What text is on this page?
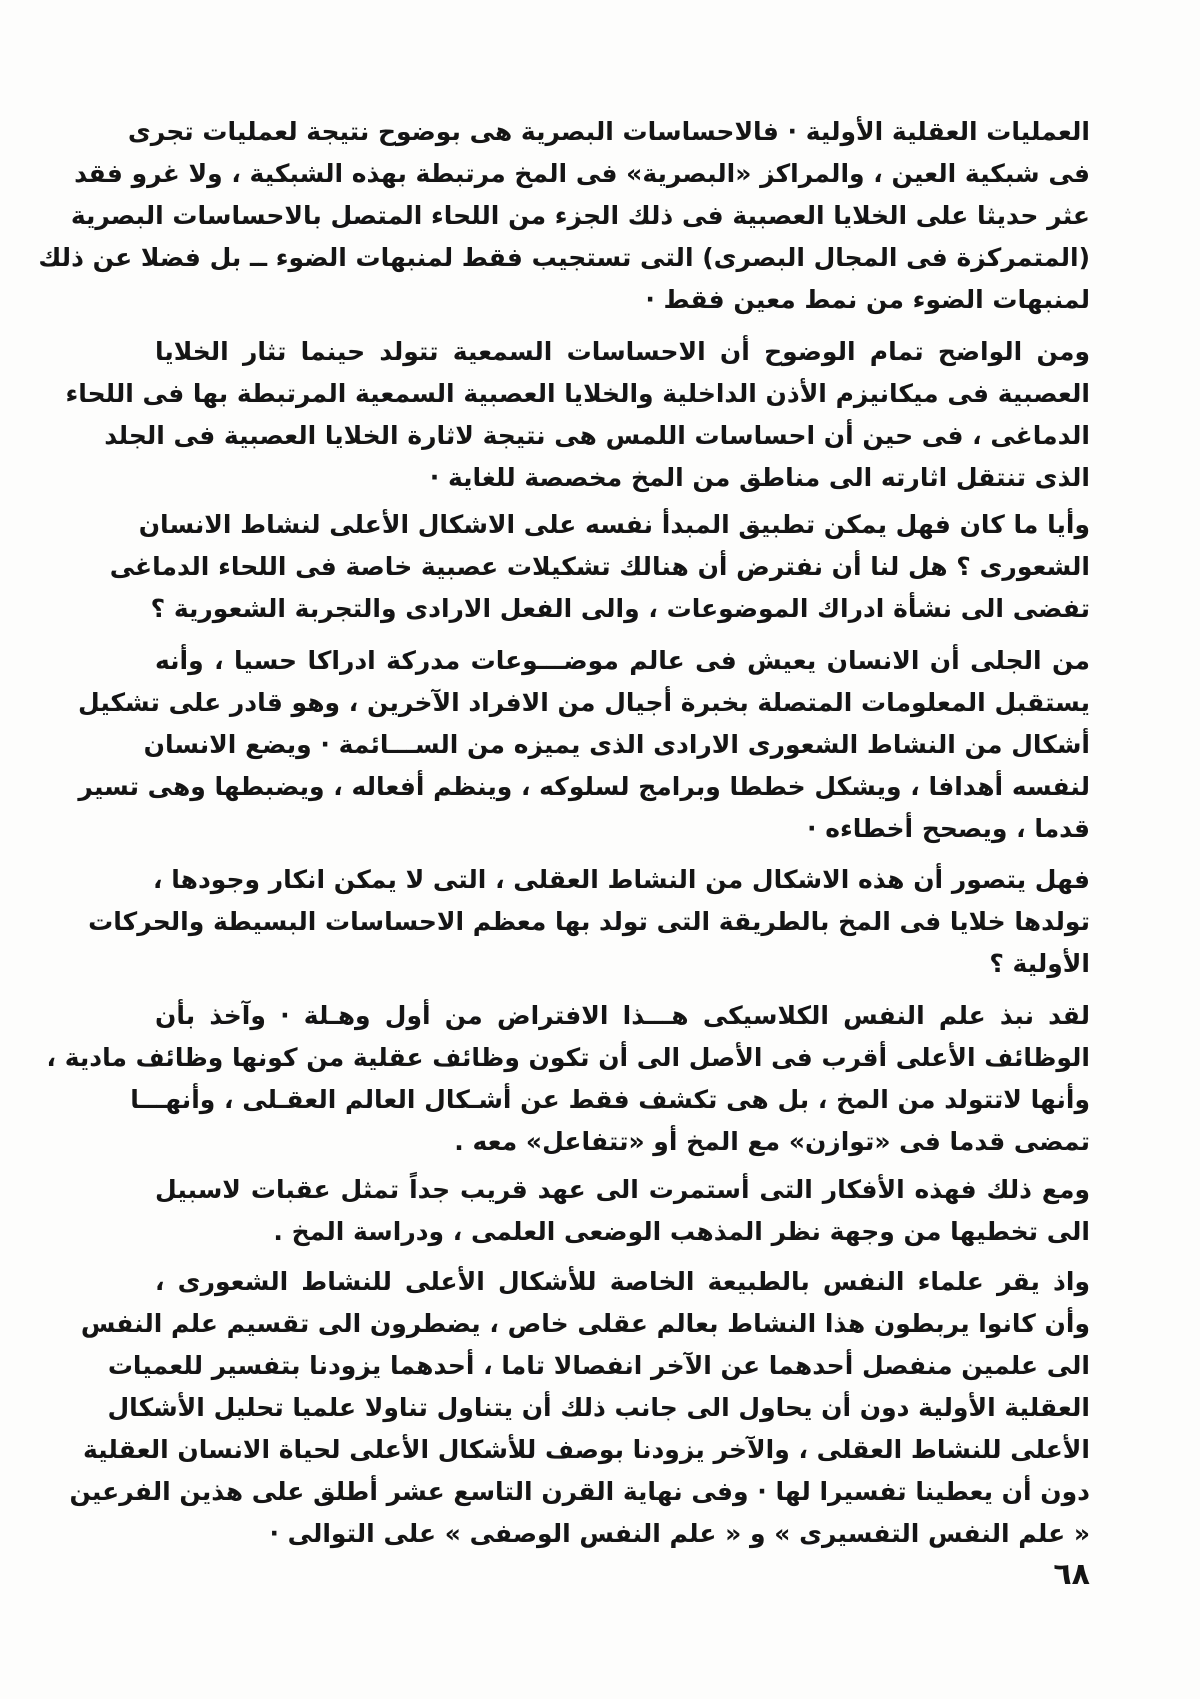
العمليات العقلية الأولية · فالاحساسات البصرية هى بوضوح نتيجة لعمليات تجرى
فى شبكية العين ، والمراكز «البصرية» فى المخ مرتبطة بهذه الشبكية ، ولا غرو فقد
عثر حديثا على الخلايا العصبية فى ذلك الجزء من اللحاء المتصل بالاحساسات البصرية
(المتمركزة فى المجال البصرى) التى تستجيب فقط لمنبهات الضوء ــ بل فضلا عن ذلك
لمنبهات الضوء من نمط معين فقط ·
ومن الواضح تمام الوضوح أن الاحساسات السمعية تتولد حينما تثار الخلايا
العصبية فى ميكانيزم الأذن الداخلية والخلايا العصبية السمعية المرتبطة بها فى اللحاء
الدماغى ، فى حين أن احساسات اللمس هى نتيجة لاثارة الخلايا العصبية فى الجلد
الذى تنتقل اثارته الى مناطق من المخ مخصصة للغاية ·
وأيا ما كان فهل يمكن تطبيق المبدأ نفسه على الاشكال الأعلى لنشاط الانسان
الشعورى ؟ هل لنا أن نفترض أن هنالك تشكيلات عصبية خاصة فى اللحاء الدماغى
تفضى الى نشأة ادراك الموضوعات ، والى الفعل الارادى والتجربة الشعورية ؟
من الجلى أن الانسان يعيش فى عالم موضـــوعات مدركة ادراكا حسيا ، وأنه
يستقبل المعلومات المتصلة بخبرة أجيال من الافراد الآخرين ، وهو قادر على تشكيل
أشكال من النشاط الشعورى الارادى الذى يميزه من الســـائمة · ويضع الانسان
لنفسه أهدافا ، ويشكل خططا وبرامج لسلوكه ، وينظم أفعاله ، ويضبطها وهى تسير
قدما ، ويصحح أخطاءه ·
فهل يتصور أن هذه الاشكال من النشاط العقلى ، التى لا يمكن انكار وجودها ،
تولدها خلايا فى المخ بالطريقة التى تولد بها معظم الاحساسات البسيطة والحركات
الأولية ؟
لقد نبذ علم النفس الكلاسيكى هـــذا الافتراض من أول وهـلة · وآخذ بأن
الوظائف الأعلى أقرب فى الأصل الى أن تكون وظائف عقلية من كونها وظائف مادية ،
وأنها لاتتولد من المخ ، بل هى تكشف فقط عن أشـكال العالم العقـلى ، وأنهـــا
تمضى قدما فى «توازن» مع المخ أو «تتفاعل» معه .
ومع ذلك فهذه الأفكار التى أستمرت الى عهد قريب جداً تمثل عقبات لاسبيل
الى تخطيها من وجهة نظر المذهب الوضعى العلمى ، ودراسة المخ .
واذ يقر علماء النفس بالطبيعة الخاصة للأشكال الأعلى للنشاط الشعورى ،
وأن كانوا يربطون هذا النشاط بعالم عقلى خاص ، يضطرون الى تقسيم علم النفس
الى علمين منفصل أحدهما عن الآخر انفصالا تاما ، أحدهما يزودنا بتفسير للعميات
العقلية الأولية دون أن يحاول الى جانب ذلك أن يتناول تناولا علميا تحليل الأشكال
الأعلى للنشاط العقلى ، والآخر يزودنا بوصف للأشكال الأعلى لحياة الانسان العقلية
دون أن يعطينا تفسيرا لها · وفى نهاية القرن التاسع عشر أطلق على هذين الفرعين
« علم النفس التفسيرى » و « علم النفس الوصفى » على التوالى ·
٦٨
